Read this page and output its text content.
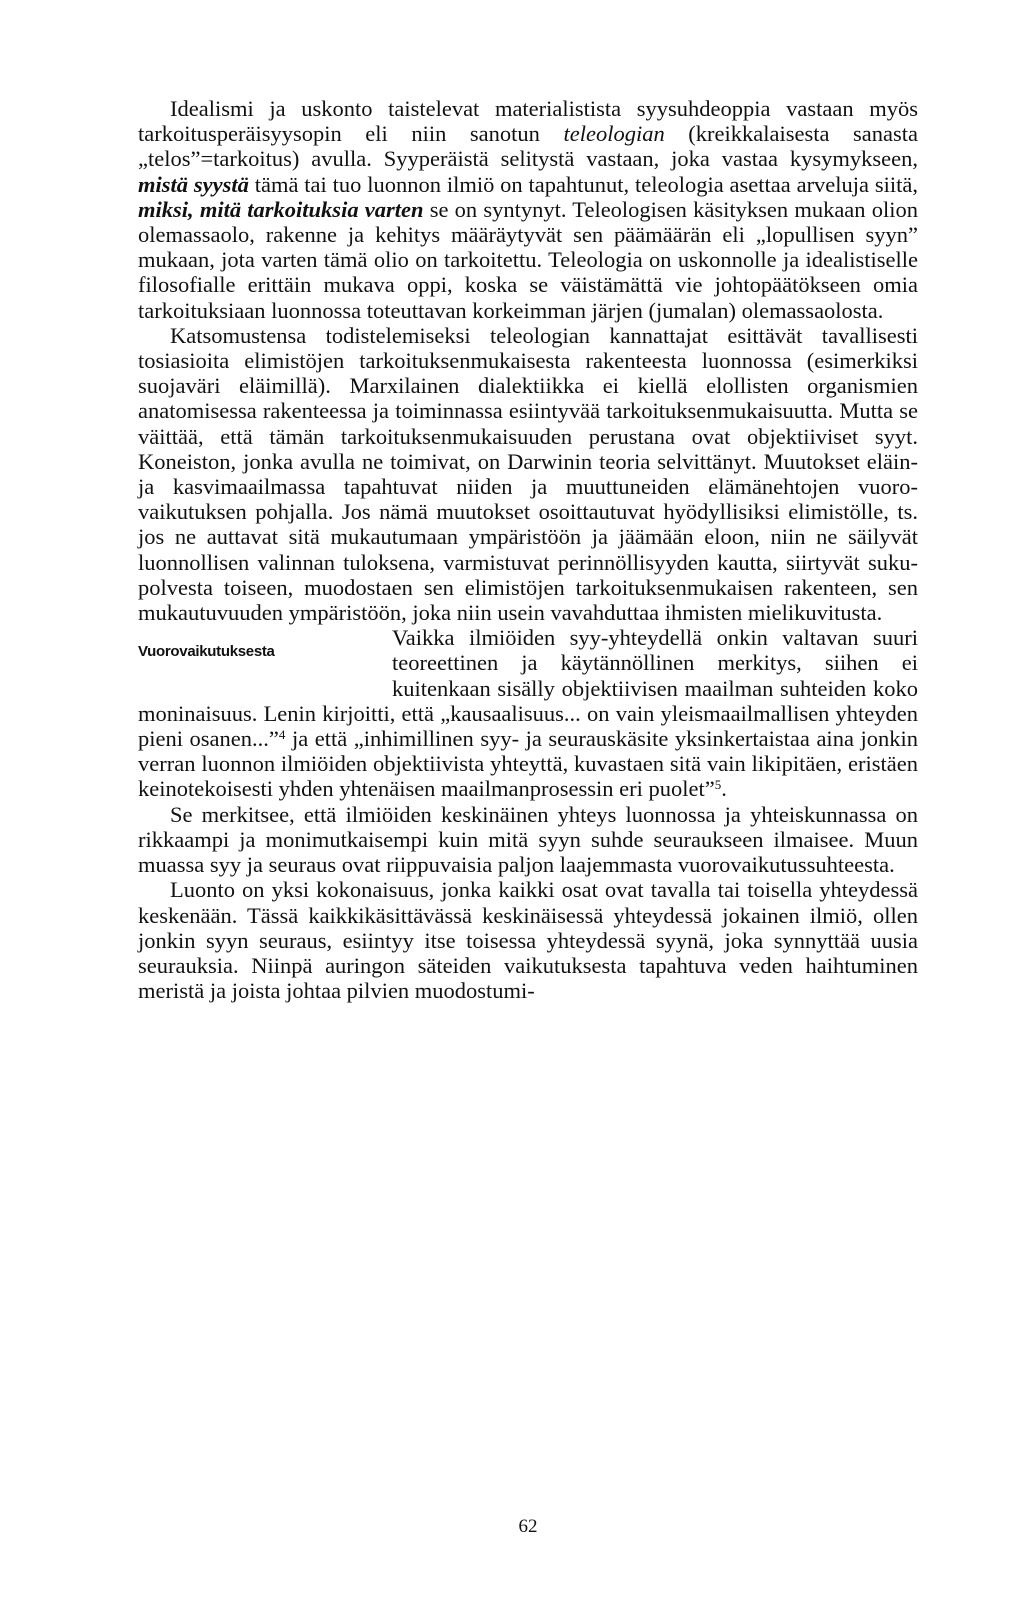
Idealismi ja uskonto taistelevat materialistista syysuhdeoppia vastaan myös tarkoitusperäisyysopin eli niin sanotun teleologian (kreikkalaisesta sanasta „telos”=tarkoitus) avulla. Syyperäistä selitystä vastaan, joka vastaa kysymykseen, mistä syystä tämä tai tuo luonnon ilmiö on tapahtunut, teleologia asettaa arveluja siitä, miksi, mitä tarkoituksia varten se on syntynyt. Teleologisen käsityksen mukaan olion olemassaolo, rakenne ja kehitys määräytyvät sen päämäärän eli „lopullisen syyn” mukaan, jota varten tämä olio on tarkoitettu. Teleologia on uskonnolle ja idealistiselle filosofialle erittäin mukava oppi, koska se väistämättä vie johtopäätökseen omia tarkoituksiaan luonnossa toteuttavan korkeimman järjen (jumalan) olemassaolosta.

Katsomustensa todistelemiseksi teleologian kannattajat esittävät tavallisesti tosiasioita elimistöjen tarkoituksenmukaisesta rakenteesta luonnossa (esimerkiksi suojaväri eläimillä). Marxilainen dialektiikka ei kiellä elollisten organismien anatomisessa rakenteessa ja toiminnassa esiintyvää tarkoituksenmukaisuutta. Mutta se väittää, että tämän tarkoituksenmukaisuuden perustana ovat objektiiviset syyt. Koneiston, jonka avulla ne toimivat, on Darwinin teoria selvittänyt. Muutokset eläin- ja kasvimaailmassa tapahtuvat niiden ja muuttuneiden elämänehtojen vuorovaikutuksen pohjalla. Jos nämä muutokset osoittautuvat hyödyllisiksi elimistölle, ts. jos ne auttavat sitä mukautumaan ympäristöön ja jäämään eloon, niin ne säilyvät luonnollisen valinnan tuloksena, varmistuvat perinnöllisyyden kautta, siirtyvät sukupolvesta toiseen, muodostaen sen elimistöjen tarkoituksenmukaisen rakenteen, sen mukautuvuuden ympäristöön, joka niin usein vavahduttaa ihmisten mielikuvitusta.

Vuorovaikutuksesta

Vaikka ilmiöiden syy-yhteydellä onkin valtavan suuri teoreettinen ja käytännöllinen merkitys, siihen ei kuitenkaan sisälly objektiivisen maailman suhteiden koko moninaisuus. Lenin kirjoitti, että „kausaalisuus... on vain yleismaailmallisen yhteyden pieni osanen...”$^4$ ja että „inhimillinen syy- ja seurauskäsite yksinkertaistaa aina jonkin verran luonnon ilmiöiden objektiivista yhteyttä, kuvastaen sitä vain likipitäen, eristäen keinotekoisesti yhden yhtenäisen maailmanprosessin eri puolet”$^5$.

Se merkitsee, että ilmiöiden keskinäinen yhteys luonnossa ja yhteiskunnassa on rikkaampi ja monimutkaisempi kuin mitä syyn suhde seuraukseen ilmaisee. Muun muassa syy ja seuraus ovat riippuvaisia paljon laajemmasta vuorovaikutussuhteesta.

Luonto on yksi kokonaisuus, jonka kaikki osat ovat tavalla tai toisella yhteydessä keskenään. Tässä kaikkikäsittävässä keskinäisessä yhteydessä jokainen ilmiö, ollen jonkin syyn seuraus, esiintyy itse toisessa yhteydessä syynä, joka synnyttää uusia seurauksia. Niinpä auringon säteiden vaikutuksesta tapahtuva veden haihtuminen meristä ja joista johtaa pilvien muodostumi-

62
